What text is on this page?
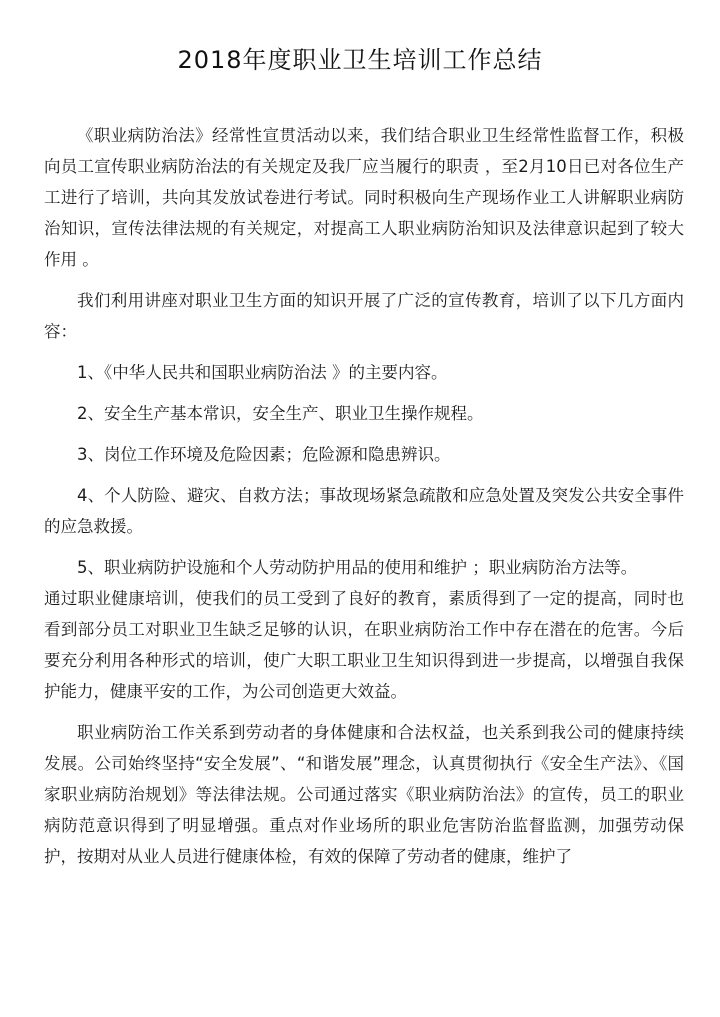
2018年度职业卫生培训工作总结

《职业病防治法》经常性宣贯活动以来，我们结合职业卫生经常性监督工作，积极向员工宣传职业病防治法的有关规定及我厂应当履行的职责 ，至2月10日已对各位生产工进行了培训，共向其发放试卷进行考试。同时积极向生产现场作业工人讲解职业病防治知识，宣传法律法规的有关规定，对提高工人职业病防治知识及法律意识起到了较大作用 。

我们利用讲座对职业卫生方面的知识开展了广泛的宣传教育，培训了以下几方面内容：

1、《中华人民共和国职业病防治法 》的主要内容。

2、安全生产基本常识，安全生产、职业卫生操作规程。

3、岗位工作环境及危险因素；危险源和隐患辨识。

4、个人防险、避灾、自救方法；事故现场紧急疏散和应急处置及突发公共安全事件的应急救援。

5、职业病防护设施和个人劳动防护用品的使用和维护 ；职业病防治方法等。

通过职业健康培训，使我们的员工受到了良好的教育，素质得到了一定的提高，同时也看到部分员工对职业卫生缺乏足够的认识，在职业病防治工作中存在潜在的危害。今后要充分利用各种形式的培训，使广大职工职业卫生知识得到进一步提高，以增强自我保护能力，健康平安的工作，为公司创造更大效益。

职业病防治工作关系到劳动者的身体健康和合法权益，也关系到我公司的健康持续发展。公司始终坚持“安全发展”、“和谐发展”理念，认真贯彻执行《安全生产法》、《国家职业病防治规划》等法律法规。公司通过落实《职业病防治法》的宣传，员工的职业病防范意识得到了明显增强。重点对作业场所的职业危害防治监督监测，加强劳动保护，按期对从业人员进行健康体检，有效的保障了劳动者的健康，维护了
